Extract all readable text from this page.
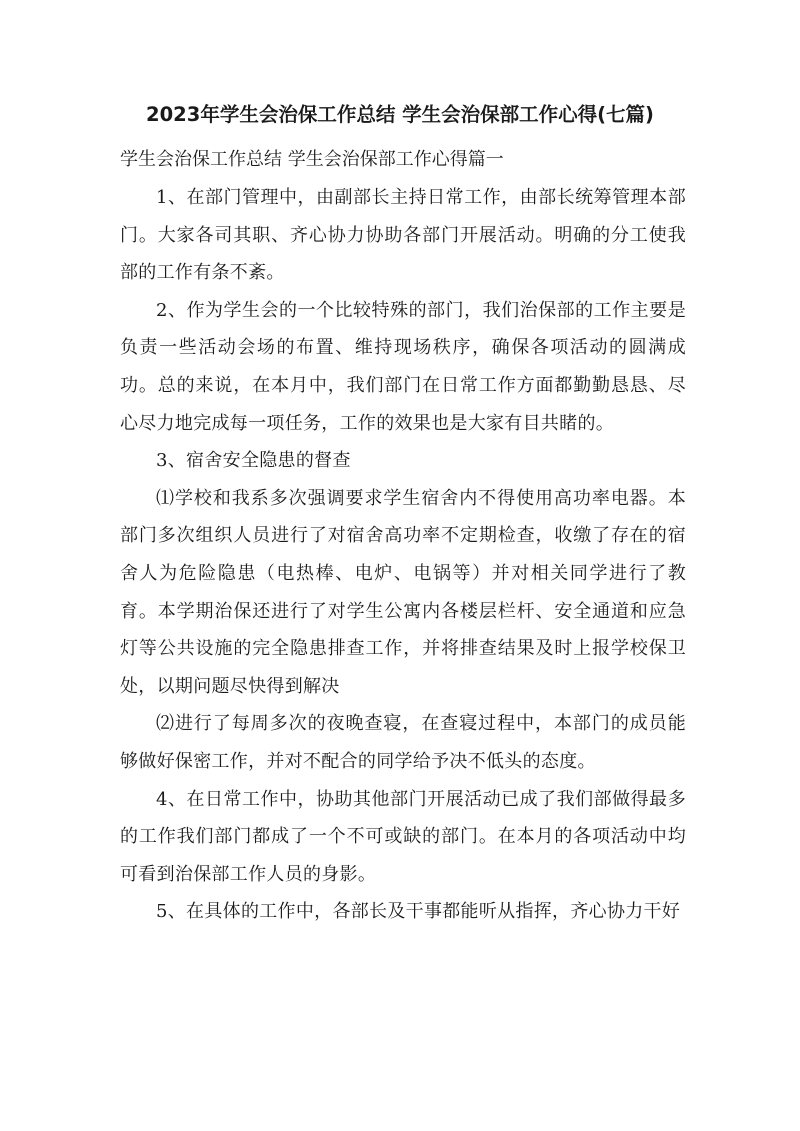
2023年学生会治保工作总结 学生会治保部工作心得(七篇)
学生会治保工作总结 学生会治保部工作心得篇一

1、在部门管理中，由副部长主持日常工作，由部长统筹管理本部门。大家各司其职、齐心协力协助各部门开展活动。明确的分工使我部的工作有条不紊。

2、作为学生会的一个比较特殊的部门，我们治保部的工作主要是负责一些活动会场的布置、维持现场秩序，确保各项活动的圆满成功。总的来说，在本月中，我们部门在日常工作方面都勤勤恳恳、尽心尽力地完成每一项任务，工作的效果也是大家有目共睹的。

3、宿舍安全隐患的督查

⑴学校和我系多次强调要求学生宿舍内不得使用高功率电器。本部门多次组织人员进行了对宿舍高功率不定期检查，收缴了存在的宿舍人为危险隐患（电热棒、电炉、电锅等）并对相关同学进行了教育。本学期治保还进行了对学生公寓内各楼层栏杆、安全通道和应急灯等公共设施的完全隐患排查工作，并将排查结果及时上报学校保卫处，以期问题尽快得到解决

⑵进行了每周多次的夜晚查寝，在查寝过程中，本部门的成员能够做好保密工作，并对不配合的同学给予决不低头的态度。

4、在日常工作中，协助其他部门开展活动已成了我们部做得最多的工作我们部门都成了一个不可或缺的部门。在本月的各项活动中均可看到治保部工作人员的身影。

5、在具体的工作中，各部长及干事都能听从指挥，齐心协力干好
